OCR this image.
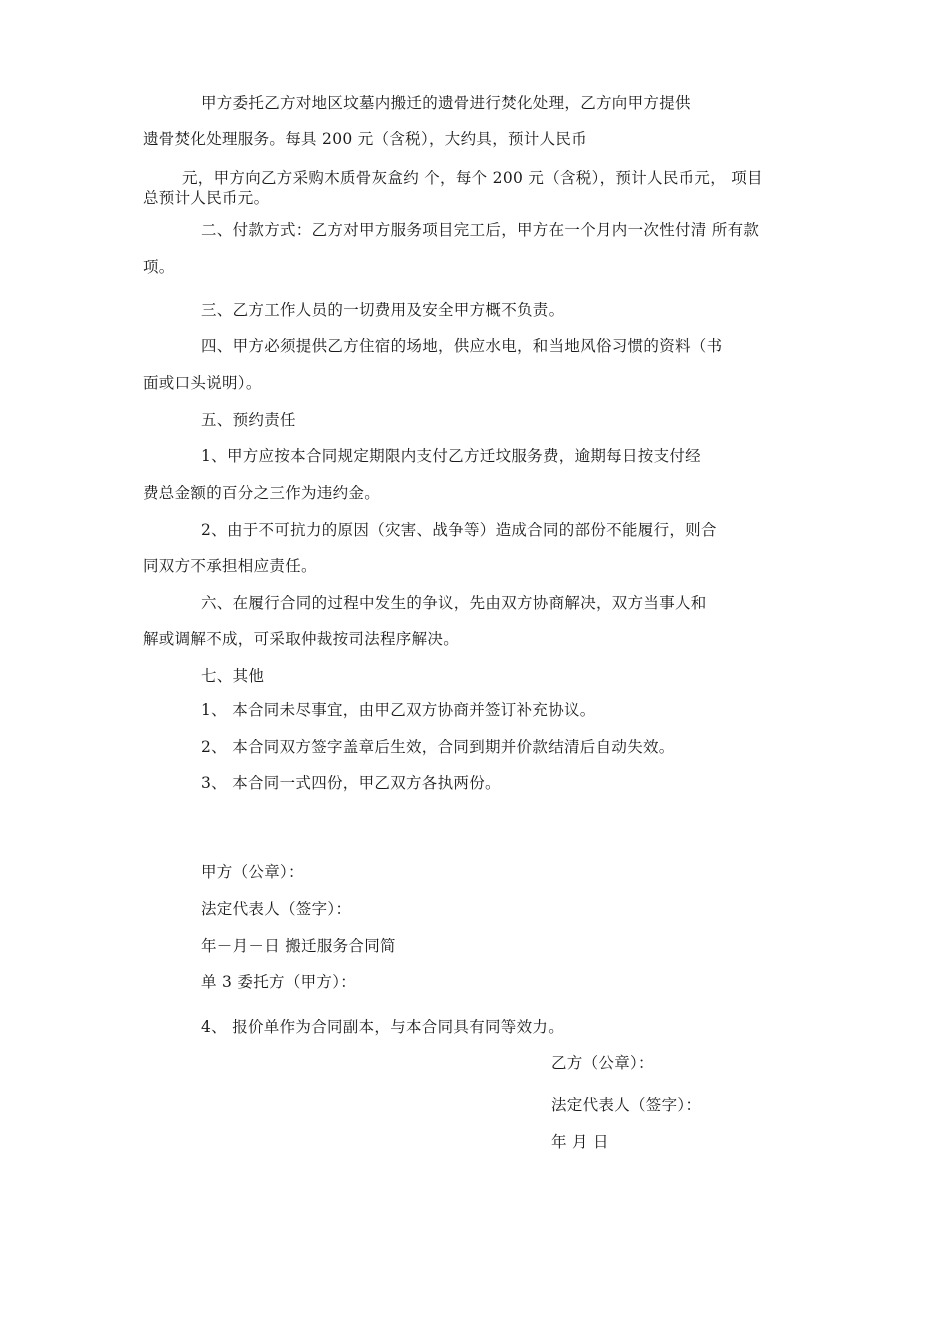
甲方委托乙方对地区坟墓内搬迁的遗骨进行焚化处理，乙方向甲方提供
遗骨焚化处理服务。每具 200 元（含税），大约具，预计人民币
元，甲方向乙方采购木质骨灰盒约 个，每个 200 元（含税），预计人民币元， 项目
总预计人民币元。
二、付款方式：乙方对甲方服务项目完工后，甲方在一个月内一次性付清 所有款
项。
三、乙方工作人员的一切费用及安全甲方概不负责。
四、甲方必须提供乙方住宿的场地，供应水电，和当地风俗习惯的资料（书
面或口头说明）。
五、预约责任
1、甲方应按本合同规定期限内支付乙方迁坟服务费，逾期每日按支付经
费总金额的百分之三作为违约金。
2、由于不可抗力的原因（灾害、战争等）造成合同的部份不能履行，则合
同双方不承担相应责任。
六、在履行合同的过程中发生的争议，先由双方协商解决，双方当事人和
解或调解不成，可采取仲裁按司法程序解决。
七、其他
1、 本合同未尽事宜，由甲乙双方协商并签订补充协议。
2、 本合同双方签字盖章后生效，合同到期并价款结清后自动失效。
3、 本合同一式四份，甲乙双方各执两份。
甲方（公章）：
法定代表人（签字）：
年－月－日 搬迁服务合同简
单 3 委托方（甲方）：
4、 报价单作为合同副本，与本合同具有同等效力。
乙方（公章）：
法定代表人（签字）：
年 月 日
